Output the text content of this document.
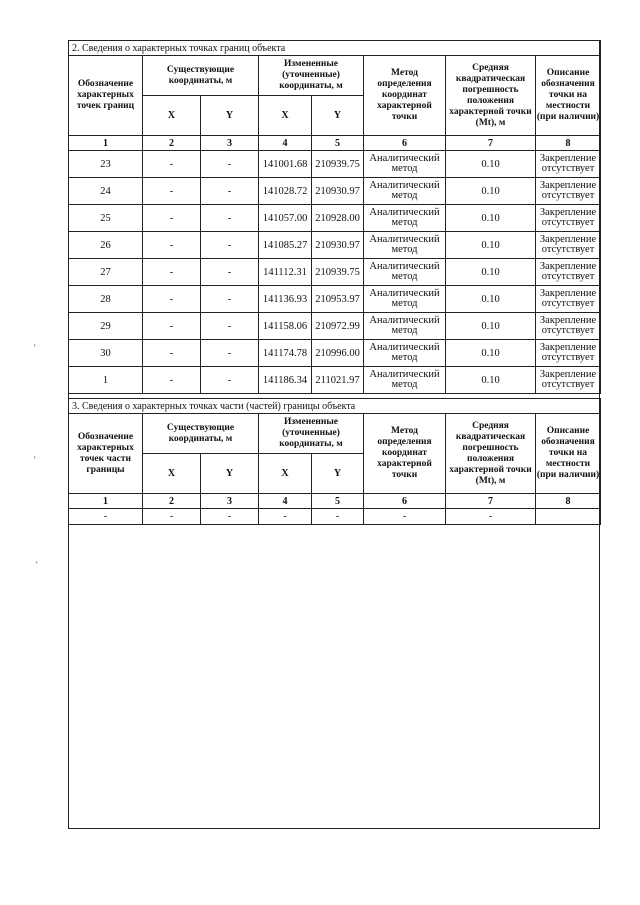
'
'
'
2. Сведения о характерных точках границ объекта							
Обозначение характерных точек границ	Существующие координаты, м		Измененные (уточненные) координаты, м		Метод определения координат характерной точки	Средняя квадратическая погрешность положения характерной точки (Mt), м	Описание обозначения точки на местности (при наличии)
	X	Y	X	Y			
1	2	3	4	5	6	7	8
23	-	-	141001.68	210939.75	Аналитический метод	0.10	Закрепление отсутствует
24	-	-	141028.72	210930.97	Аналитический метод	0.10	Закрепление отсутствует
25	-	-	141057.00	210928.00	Аналитический метод	0.10	Закрепление отсутствует
26	-	-	141085.27	210930.97	Аналитический метод	0.10	Закрепление отсутствует
27	-	-	141112.31	210939.75	Аналитический метод	0.10	Закрепление отсутствует
28	-	-	141136.93	210953.97	Аналитический метод	0.10	Закрепление отсутствует
29	-	-	141158.06	210972.99	Аналитический метод	0.10	Закрепление отсутствует
30	-	-	141174.78	210996.00	Аналитический метод	0.10	Закрепление отсутствует
1	-	-	141186.34	211021.97	Аналитический метод	0.10	Закрепление отсутствует
3. Сведения о характерных точках части (частей) границы объекта							
Обозначение характерных точек части границы	Существующие координаты, м		Измененные (уточненные) координаты, м		Метод определения координат характерной точки	Средняя квадратическая погрешность положения характерной точки (Mt), м	Описание обозначения точки на местности (при наличии)
	X	Y	X	Y			
1	2	3	4	5	6	7	8
-	-	-	-	-	-	-	
